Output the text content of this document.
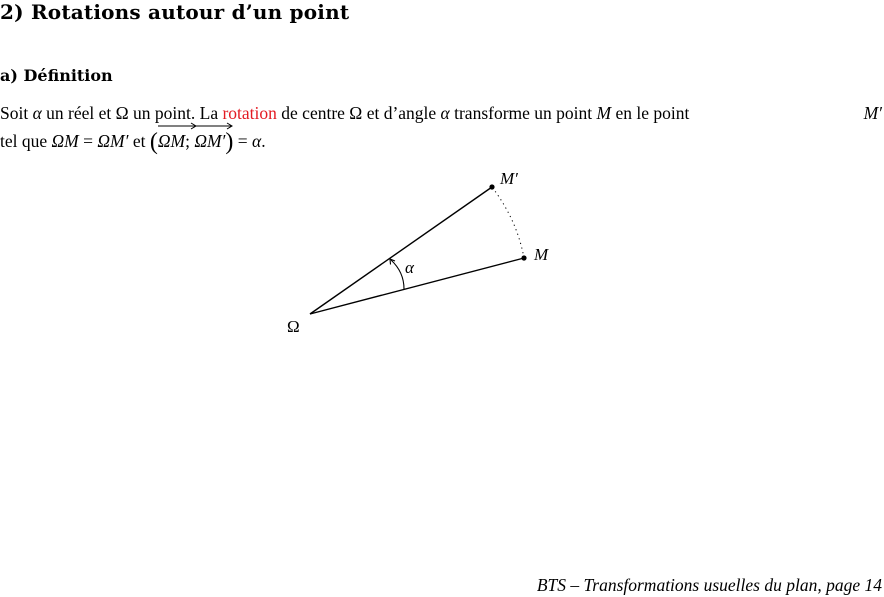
2) Rotations autour d’un point
a) Définition
Soit α un réel et Ω un point. La rotation de centre Ω et d’angle α transforme un point M en le point	M′
tel que ΩM = ΩM′ et (
ΩM;
ΩM′) = α.
Ω
M
M′
α
BTS – Transformations usuelles du plan, page 14
